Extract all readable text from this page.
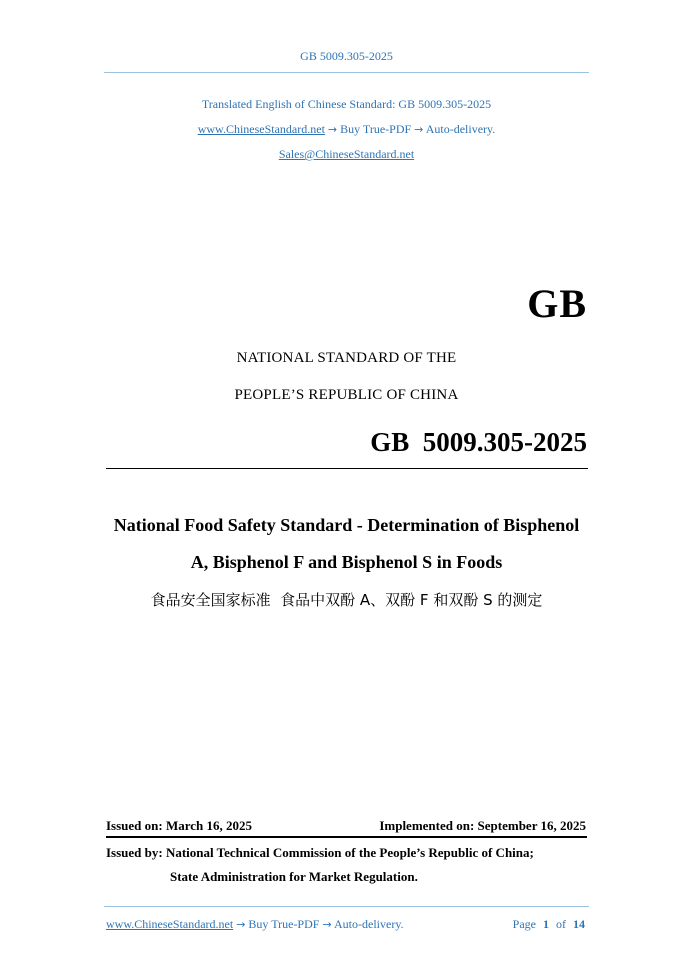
GB 5009.305-2025
Translated English of Chinese Standard: GB 5009.305-2025
www.ChineseStandard.net → Buy True-PDF → Auto-delivery.
Sales@ChineseStandard.net
GB
NATIONAL STANDARD OF THE
PEOPLE’S REPUBLIC OF CHINA
GB  5009.305-2025
National Food Safety Standard - Determination of Bisphenol
A, Bisphenol F and Bisphenol S in Foods
食品安全国家标准  食品中双酚 A、双酚 F 和双酚 S 的测定
Issued on: March 16, 2025	Implemented on: September 16, 2025
Issued by: National Technical Commission of the People’s Republic of China;
State Administration for Market Regulation.
www.ChineseStandard.net → Buy True-PDF → Auto-delivery.	Page 1 of 14
